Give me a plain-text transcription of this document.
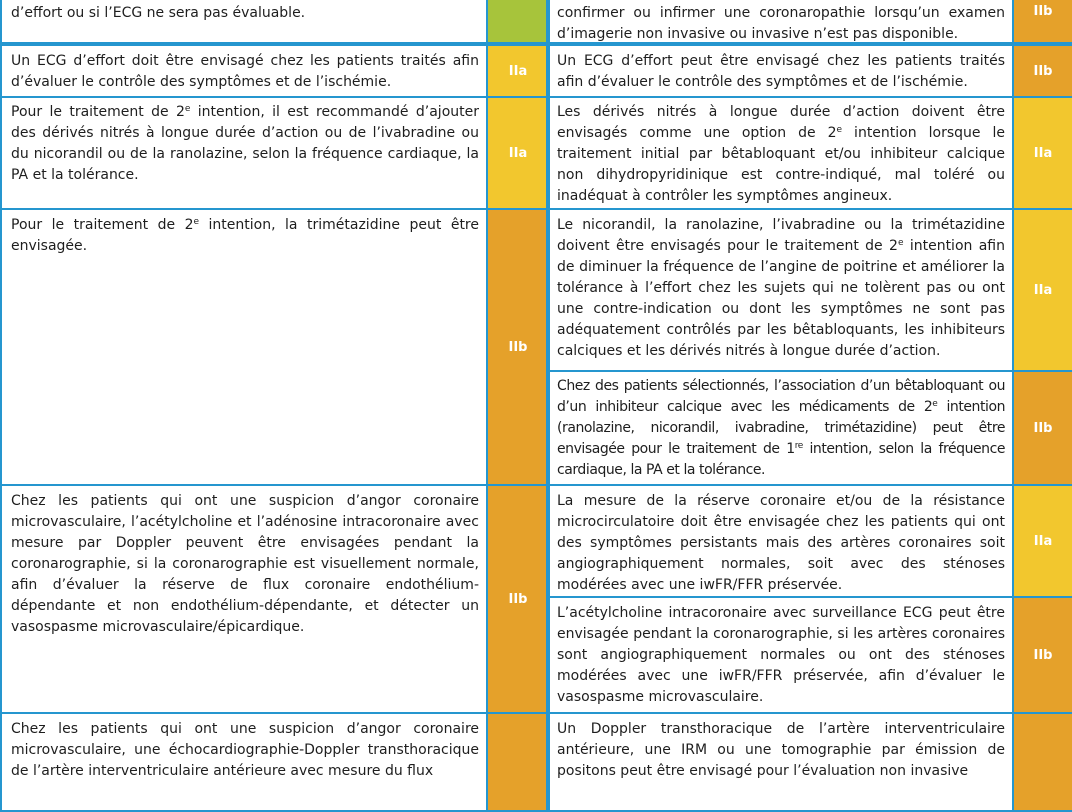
d’effort ou si l’ECG ne sera pas évaluable.	confirmer ou infirmer une coronaropathie lorsqu’un examen d’imagerie non invasive ou invasive n’est pas disponible.
IIb
Un ECG d’effort doit être envisagé chez les patients traités afin d’évaluer le contrôle des symptômes et de l’ischémie.
IIa
Un ECG d’effort peut être envisagé chez les patients traités afin d’évaluer le contrôle des symptômes et de l’ischémie.
IIb
Pour le traitement de 2e intention, il est recommandé d’ajouter des dérivés nitrés à longue durée d’action ou de l’ivabradine ou du nicorandil ou de la ranolazine, selon la fréquence cardiaque, la PA et la tolérance.
IIa
Les dérivés nitrés à longue durée d’action doivent être envisagés comme une option de 2e intention lorsque le traitement initial par bêtabloquant et/ou inhibiteur calcique non dihydropyridinique est contre-indiqué, mal toléré ou inadéquat à contrôler les symptômes angineux.
IIa
Pour le traitement de 2e intention, la trimétazidine peut être envisagée.
IIb
Le nicorandil, la ranolazine, l’ivabradine ou la trimétazidine doivent être envisagés pour le traitement de 2e intention afin de diminuer la fréquence de l’angine de poitrine et améliorer la tolérance à l’effort chez les sujets qui ne tolèrent pas ou ont une contre-indication ou dont les symptômes ne sont pas adéquatement contrôlés par les bêtabloquants, les inhibiteurs calciques et les dérivés nitrés à longue durée d’action.
IIa
Chez des patients sélectionnés, l’association d’un bêtabloquant ou d’un inhibiteur calcique avec les médicaments de 2e intention (ranolazine, nicorandil, ivabradine, trimétazidine) peut être envisagée pour le traitement de 1re intention, selon la fréquence cardiaque, la PA et la tolérance.
IIb
Chez les patients qui ont une suspicion d’angor coronaire microvasculaire, l’acétylcholine et l’adénosine intracoronaire avec mesure par Doppler peuvent être envisagées pendant la coronarographie, si la coronarographie est visuellement normale, afin d’évaluer la réserve de flux coronaire endothélium-dépendante et non endothélium-dépendante, et détecter un vasospasme microvasculaire/épicardique.
IIb
La mesure de la réserve coronaire et/ou de la résistance microcirculatoire doit être envisagée chez les patients qui ont des symptômes persistants mais des artères coronaires soit angiographiquement normales, soit avec des sténoses modérées avec une iwFR/FFR préservée.
IIa
L’acétylcholine intracoronaire avec surveillance ECG peut être envisagée pendant la coronarographie, si les artères coronaires sont angiographiquement normales ou ont des sténoses modérées avec une iwFR/FFR préservée, afin d’évaluer le vasospasme microvasculaire.
IIb
Chez les patients qui ont une suspicion d’angor coronaire microvasculaire, une échocardiographie-Doppler transthoracique de l’artère interventriculaire antérieure avec mesure du flux
Un Doppler transthoracique de l’artère interventriculaire antérieure, une IRM ou une tomographie par émission de positons peut être envisagé pour l’évaluation non invasive
